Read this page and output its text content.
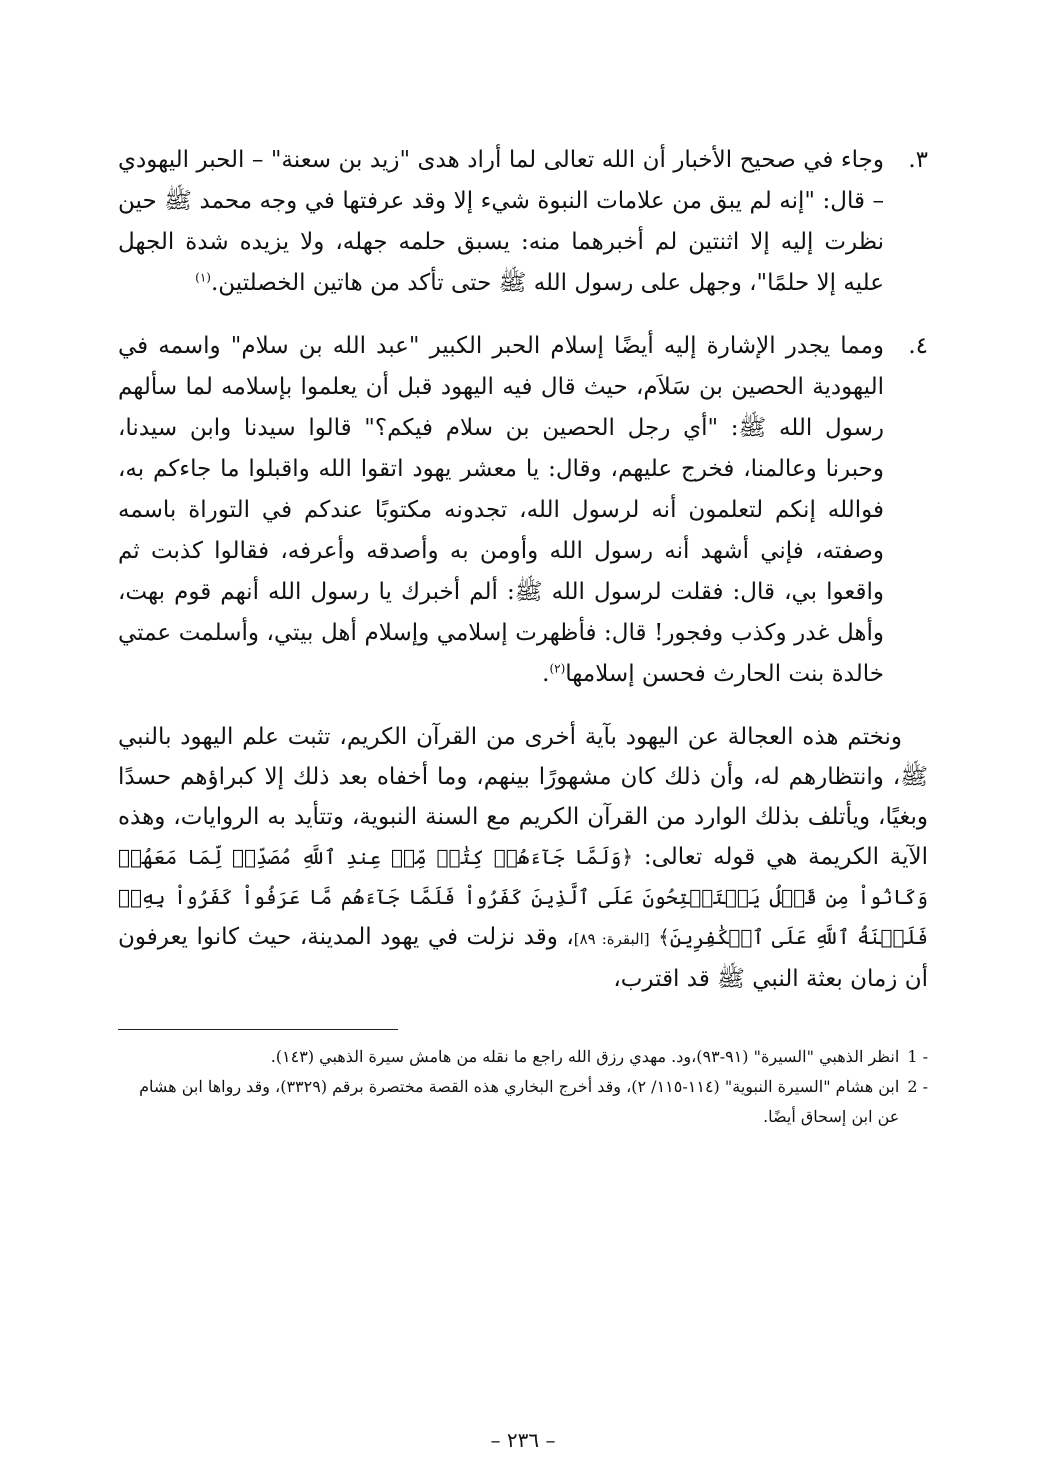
٣.
وجاء في صحيح الأخبار أن الله تعالى لما أراد هدى "زيد بن سعنة" – الحبر اليهودي – قال: "إنه لم يبق من علامات النبوة شيء إلا وقد عرفتها في وجه محمد ﷺ حين نظرت إليه إلا اثنتين لم أخبرهما منه: يسبق حلمه جهله، ولا يزيده شدة الجهل عليه إلا حلمًا"، وجهل على رسول الله ﷺ حتى تأكد من هاتين الخصلتين.$^{(١)}$
٤.
ومما يجدر الإشارة إليه أيضًا إسلام الحبر الكبير "عبد الله بن سلام" واسمه في اليهودية الحصين بن سَلاَم، حيث قال فيه اليهود قبل أن يعلموا بإسلامه لما سألهم رسول الله ﷺ: "أي رجل الحصين بن سلام فيكم؟" قالوا سيدنا وابن سيدنا، وحبرنا وعالمنا، فخرج عليهم، وقال: يا معشر يهود اتقوا الله واقبلوا ما جاءكم به، فوالله إنكم لتعلمون أنه لرسول الله، تجدونه مكتوبًا عندكم في التوراة باسمه وصفته، فإني أشهد أنه رسول الله وأومن به وأصدقه وأعرفه، فقالوا كذبت ثم واقعوا بي، قال: فقلت لرسول الله ﷺ: ألم أخبرك يا رسول الله أنهم قوم بهت، وأهل غدر وكذب وفجور! قال: فأظهرت إسلامي وإسلام أهل بيتي، وأسلمت عمتي خالدة بنت الحارث فحسن إسلامها$^{(٢)}$.

ونختم هذه العجالة عن اليهود بآية أخرى من القرآن الكريم، تثبت علم اليهود بالنبي ﷺ، وانتظارهم له، وأن ذلك كان مشهورًا بينهم، وما أخفاه بعد ذلك إلا كبراؤهم حسدًا وبغيًا، ويأتلف بذلك الوارد من القرآن الكريم مع السنة النبوية، وتتأيد به الروايات، وهذه الآية الكريمة هي قوله تعالى: ﴿وَلَمَّا جَآءَهُمۡ كِتَٰبٞ مِّنۡ عِندِ ٱللَّهِ مُصَدِّقٞ لِّمَا مَعَهُمۡ وَكَانُواْ مِن قَبۡلُ يَسۡتَفۡتِحُونَ عَلَى ٱلَّذِينَ كَفَرُواْ فَلَمَّا جَآءَهُم مَّا عَرَفُواْ كَفَرُواْ بِهِۦۚ فَلَعۡنَةُ ٱللَّهِ عَلَى ٱلۡكَٰفِرِينَ﴾ [البقرة: ٨٩]، وقد نزلت في يهود المدينة، حيث كانوا يعرفون أن زمان بعثة النبي ﷺ قد اقترب،

1 -
انظر الذهبي "السيرة" (٩١-٩٣)،ود. مهدي رزق الله راجع ما نقله من هامش سيرة الذهبي (١٤٣).
2 -
ابن هشام "السيرة النبوية" (١١٤-١١٥/ ٢)، وقد أخرج البخاري هذه القصة مختصرة برقم (٣٣٢٩)، وقد رواها ابن هشام عن ابن إسحاق أيضًا.
– ٢٣٦ –
